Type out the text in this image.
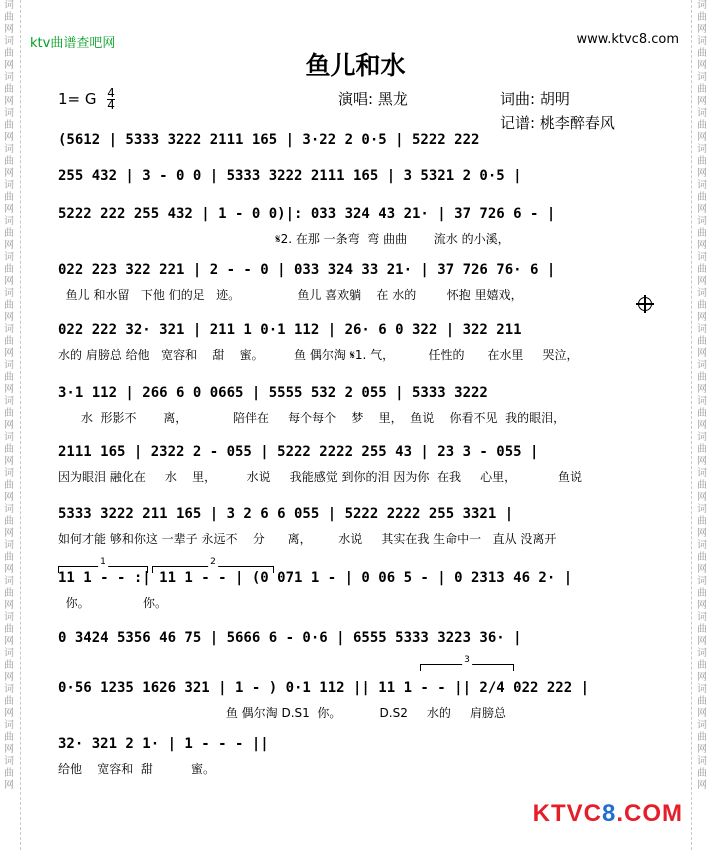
词曲网词曲网词曲网词曲网词曲网词曲网词曲网词曲网词曲网词曲网词曲网词曲网词曲网词曲网词曲网词曲网词曲网词曲网词曲网词曲网词曲网词曲网
词曲网词曲网词曲网词曲网词曲网词曲网词曲网词曲网词曲网词曲网词曲网词曲网词曲网词曲网词曲网词曲网词曲网词曲网词曲网词曲网词曲网词曲网
ktv曲谱查吧网	www.ktvc8.com
鱼儿和水
1= G $\frac{4}{4}$	演唱: 黑龙	词曲: 胡明
记谱: 桃李醉春风
(5612 | 5333 3222 2111 165 | 3·22 2 0·5 | 5222 222
255 432 | 3 - 0 0 | 5333 3222 2111 165 | 3 5321 2 0·5 |
5222 222 255 432 | 1 - 0 0)|: 033 324 43 21· | 37 726 6 - |
𝄋2. 在那 一条弯  弯 曲曲       流水 的小溪，
022 223 322 221 | 2 - - 0 | 033 324 33 21· | 37 726 76· 6 |
鱼儿 和水留   下他 们的足   迹。               鱼儿 喜欢躺    在 水的        怀抱 里嬉戏，
022 222 32· 321 | 211 1 0·1 112 | 26· 6 0 322 | 322 211
水的 肩膀总 给他   宽容和    甜    蜜。        鱼 偶尔淘 𝄋1. 气，         任性的      在水里     哭泣，
3·1 112 | 266 6 0 0665 | 5555 532 2 055 | 5333 3222
水  形影不       离，            陪伴在     每个每个    梦    里，  鱼说    你看不见  我的眼泪，
2111 165 | 2322 2 - 055 | 5222 2222 255 43 | 23 3 - 055 |
因为眼泪 融化在     水    里，        水说     我能感觉 到你的泪 因为你  在我     心里，           鱼说
5333 3222 211 165 | 3 2 6 6 055 | 5222 2222 255 3321 |
如何才能 够和你这 一辈子 永远不    分      离，       水说     其实在我 生命中一   直从 没离开
11 1 - - :| 11 1 - - | (0 071 1 - | 0 06 5 - | 0 2313 46 2· |
你。              你。
0 3424 5356 46 75 | 5666 6 - 0·6 | 6555 5333 3223 36· |
0·56 1235 1626 321 | 1 - ) 0·1 112 || 11 1 - - || 2/4 022 222 |
鱼 偶尔淘 D.S1  你。          D.S2     水的     肩膀总
32· 321 2 1· | 1 - - - ||
给他    宽容和  甜          蜜。
1	2
3
KTVC8.COM
